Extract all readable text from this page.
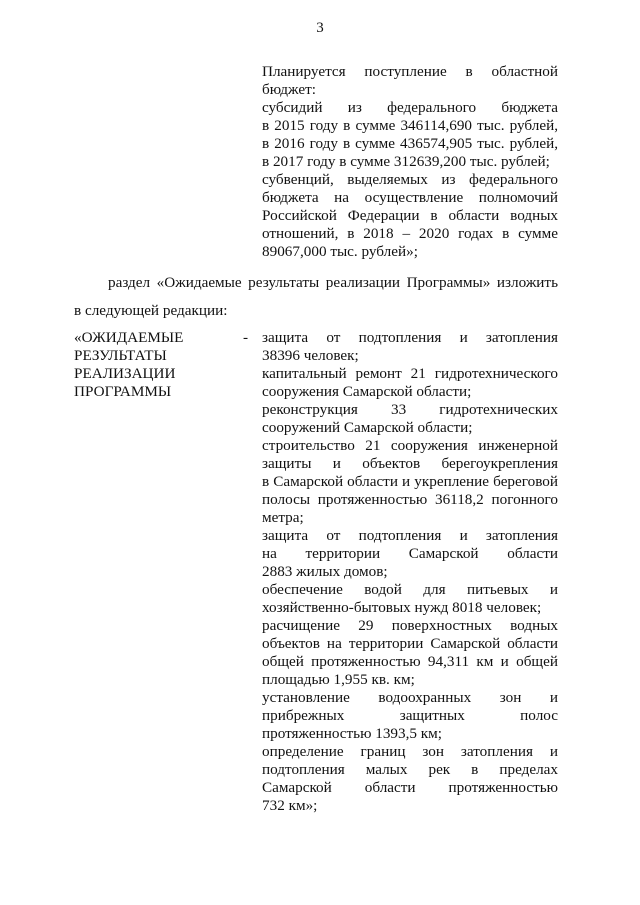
3
Планируется поступление в областной
бюджет:
субсидий из федерального бюджета
в 2015 году в сумме 346114,690 тыс. рублей,
в 2016 году в сумме 436574,905 тыс. рублей,
в 2017 году в сумме 312639,200 тыс. рублей;
субвенций, выделяемых из федерального
бюджета на осуществление полномочий
Российской Федерации в области водных
отношений, в 2018 – 2020 годах в сумме
89067,000 тыс. рублей»;
раздел «Ожидаемые результаты реализации Программы» изложить
в следующей редакции:
«ОЖИДАЕМЫЕ
РЕЗУЛЬТАТЫ
РЕАЛИЗАЦИИ
ПРОГРАММЫ
- защита от подтопления и затопления
38396 человек;
капитальный ремонт 21 гидротехнического
сооружения Самарской области;
реконструкция 33 гидротехнических
сооружений Самарской области;
строительство 21 сооружения инженерной
защиты и объектов берегоукрепления
в Самарской области и укрепление береговой
полосы протяженностью 36118,2 погонного
метра;
защита от подтопления и затопления
на территории Самарской области
2883 жилых домов;
обеспечение водой для питьевых и
хозяйственно-бытовых нужд 8018 человек;
расчищение 29 поверхностных водных
объектов на территории Самарской области
общей протяженностью 94,311 км и общей
площадью 1,955 кв. км;
установление водоохранных зон и
прибрежных защитных полос
протяженностью 1393,5 км;
определение границ зон затопления и
подтопления малых рек в пределах
Самарской области протяженностью
732 км»;
